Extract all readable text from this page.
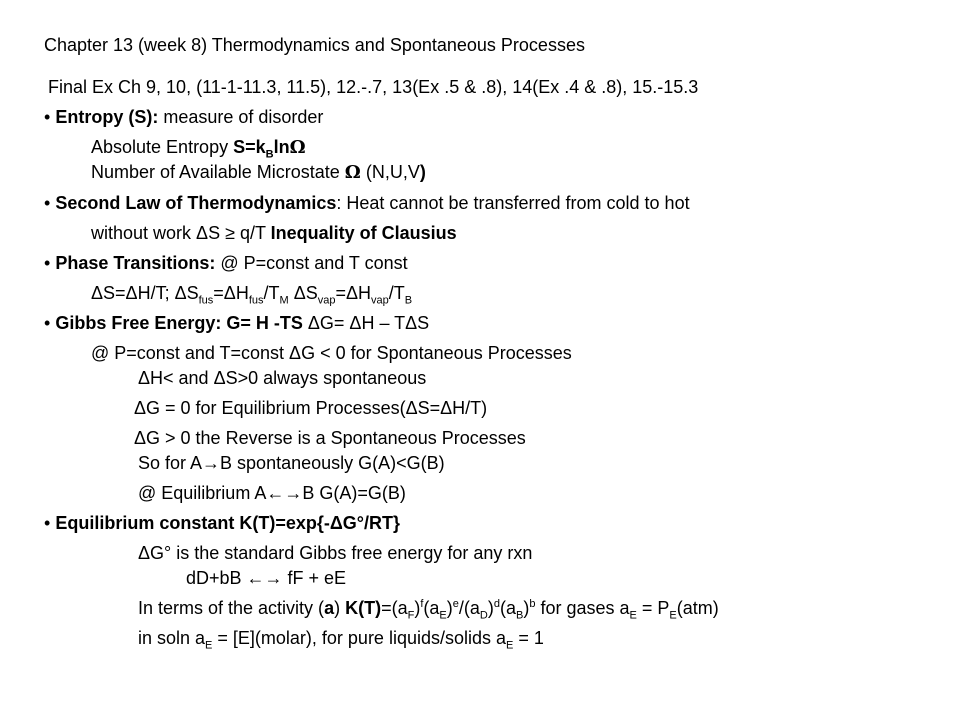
Chapter 13 (week 8) Thermodynamics and Spontaneous Processes
Final Ex Ch 9, 10, (11-1-11.3, 11.5), 12.-.7, 13(Ex .5 & .8), 14(Ex .4 & .8), 15.-15.3
• Entropy (S): measure of disorder
Absolute Entropy $S=k_B\ln\Omega$
Number of Available Microstate Ω (N,U,V)
• Second Law of Thermodynamics: Heat cannot be transferred from cold to hot
without work ΔS ≥ q/T Inequality of Clausius
• Phase Transitions: @ P=const and T const
ΔS=ΔH/T; $\Delta S_{fus}=\Delta H_{fus}/T_M$ $\Delta S_{vap}=\Delta H_{vap}/T_B$
• Gibbs Free Energy: G= H -TS ΔG= ΔH – TΔS
@ P=const and T=const ΔG < 0 for Spontaneous Processes
ΔH< and ΔS>0 always spontaneous
ΔG = 0 for Equilibrium Processes(ΔS=ΔH/T)
ΔG > 0 the Reverse is a Spontaneous Processes
So for A→B spontaneously G(A)<G(B)
@ Equilibrium A←→B G(A)=G(B)
• Equilibrium constant K(T)=exp{-ΔG°/RT}
ΔG° is the standard Gibbs free energy for any rxn
dD+bB ←→ fF + eE
In terms of the activity (a) $K(T)=(a_F)^f(a_E)^e/(a_D)^d(a_B)^b$ for gases $a_E = P_E(atm)$
in soln $a_E$ = [E](molar), for pure liquids/solids $a_E = 1$
